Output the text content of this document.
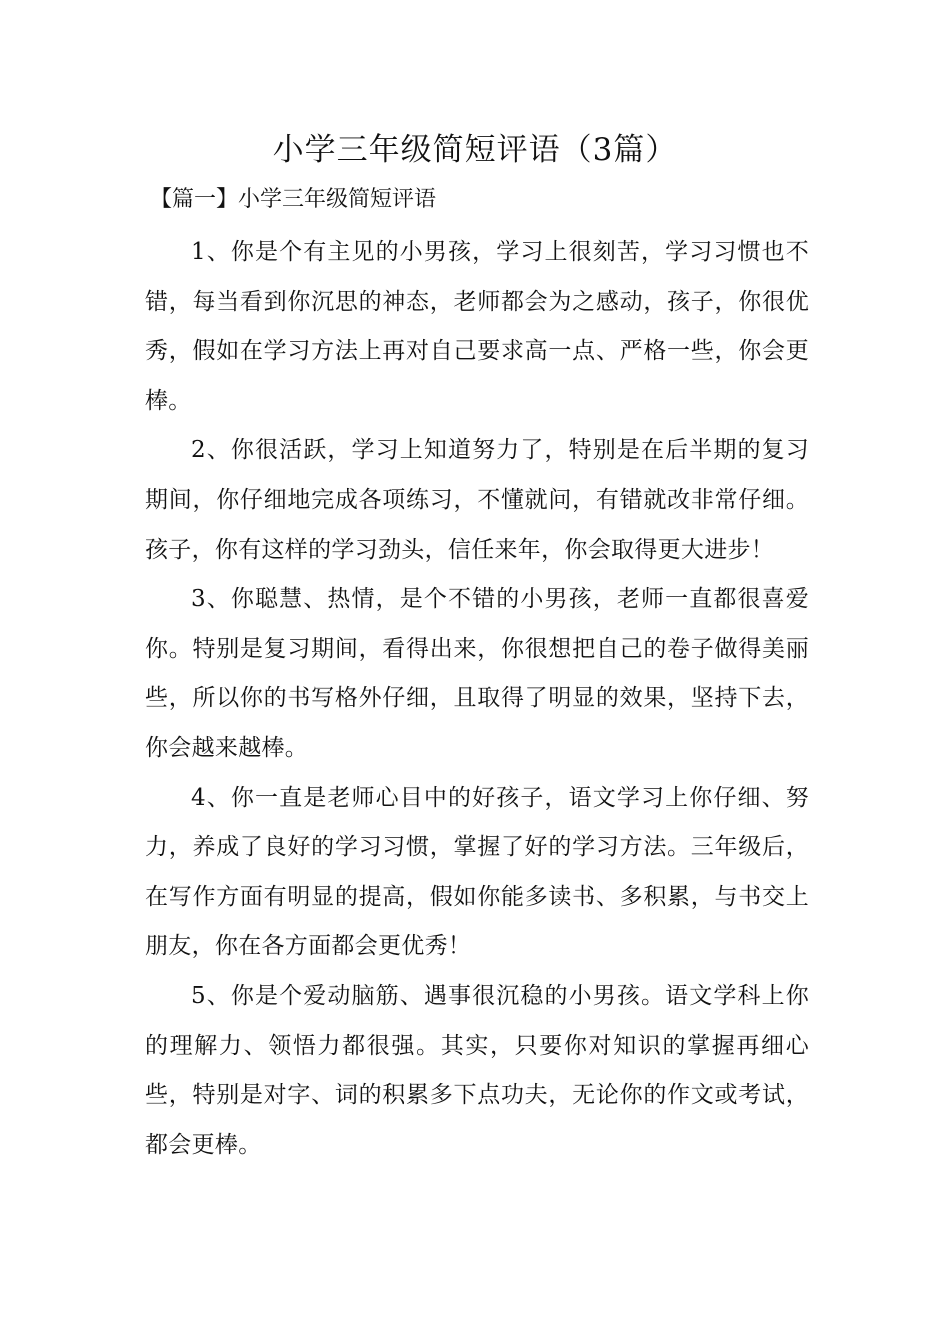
小学三年级简短评语（3篇）
【篇一】小学三年级简短评语

1、你是个有主见的小男孩，学习上很刻苦，学习习惯也不错，每当看到你沉思的神态，老师都会为之感动，孩子，你很优秀，假如在学习方法上再对自己要求高一点、严格一些，你会更棒。

2、你很活跃，学习上知道努力了，特别是在后半期的复习期间，你仔细地完成各项练习，不懂就问，有错就改非常仔细。孩子，你有这样的学习劲头，信任来年，你会取得更大进步！

3、你聪慧、热情，是个不错的小男孩，老师一直都很喜爱你。特别是复习期间，看得出来，你很想把自己的卷子做得美丽些，所以你的书写格外仔细，且取得了明显的效果，坚持下去，你会越来越棒。

4、你一直是老师心目中的好孩子，语文学习上你仔细、努力，养成了良好的学习习惯，掌握了好的学习方法。三年级后，在写作方面有明显的提高，假如你能多读书、多积累，与书交上朋友，你在各方面都会更优秀！

5、你是个爱动脑筋、遇事很沉稳的小男孩。语文学科上你的理解力、领悟力都很强。其实，只要你对知识的掌握再细心些，特别是对字、词的积累多下点功夫，无论你的作文或考试，都会更棒。
